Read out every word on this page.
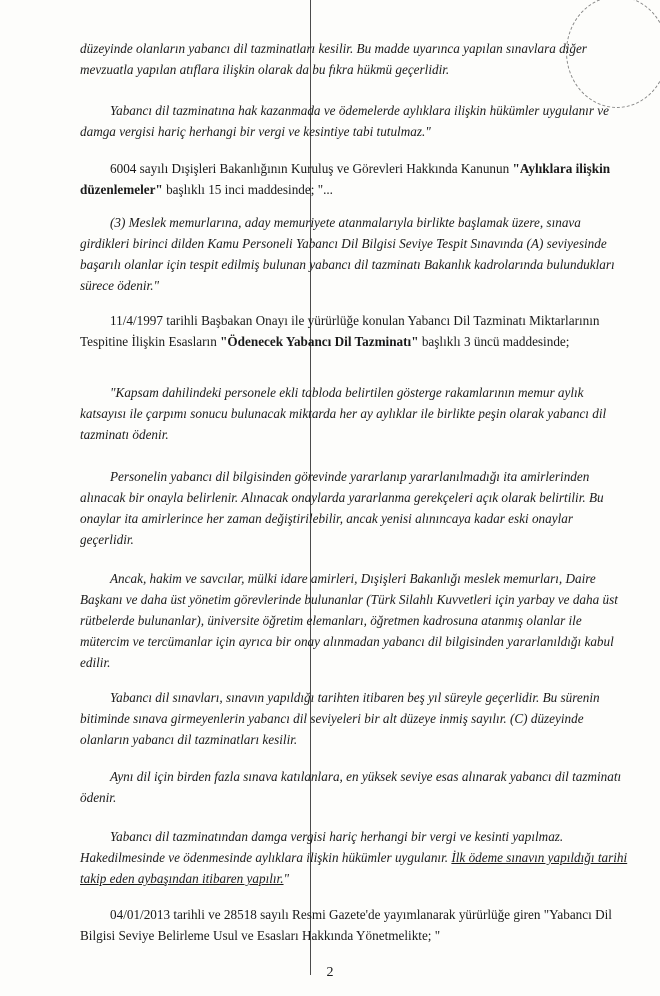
düzeyinde olanların yabancı dil tazminatları kesilir. Bu madde uyarınca yapılan sınavlara diğer mevzuatla yapılan atıflara ilişkin olarak da bu fıkra hükmü geçerlidir.

Yabancı dil tazminatına hak kazanmada ve ödemelerde aylıklara ilişkin hükümler uygulanır ve damga vergisi hariç herhangi bir vergi ve kesintiye tabi tutulmaz."

6004 sayılı Dışişleri Bakanlığının Kuruluş ve Görevleri Hakkında Kanunun "Aylıklara ilişkin düzenlemeler" başlıklı 15 inci maddesinde; "...

(3) Meslek memurlarına, aday memuriyete atanmalarıyla birlikte başlamak üzere, sınava girdikleri birinci dilden Kamu Personeli Yabancı Dil Bilgisi Seviye Tespit Sınavında (A) seviyesinde başarılı olanlar için tespit edilmiş bulunan yabancı dil tazminatı Bakanlık kadrolarında bulundukları sürece ödenir."

11/4/1997 tarihli Başbakan Onayı ile yürürlüğe konulan Yabancı Dil Tazminatı Miktarlarının Tespitine İlişkin Esasların "Ödenecek Yabancı Dil Tazminatı" başlıklı 3 üncü maddesinde;

"Kapsam dahilindeki personele ekli tabloda belirtilen gösterge rakamlarının memur aylık katsayısı ile çarpımı sonucu bulunacak miktarda her ay aylıklar ile birlikte peşin olarak yabancı dil tazminatı ödenir.

Personelin yabancı dil bilgisinden görevinde yararlanıp yararlanılmadığı ita amirlerinden alınacak bir onayla belirlenir. Alınacak onaylarda yararlanma gerekçeleri açık olarak belirtilir. Bu onaylar ita amirlerince her zaman değiştirilebilir, ancak yenisi alınıncaya kadar eski onaylar geçerlidir.

Ancak, hakim ve savcılar, mülki idare amirleri, Dışişleri Bakanlığı meslek memurları, Daire Başkanı ve daha üst yönetim görevlerinde bulunanlar (Türk Silahlı Kuvvetleri için yarbay ve daha üst rütbelerde bulunanlar), üniversite öğretim elemanları, öğretmen kadrosuna atanmış olanlar ile mütercim ve tercümanlar için ayrıca bir onay alınmadan yabancı dil bilgisinden yararlanıldığı kabul edilir.

Yabancı dil sınavları, sınavın yapıldığı tarihten itibaren beş yıl süreyle geçerlidir. Bu sürenin bitiminde sınava girmeyenlerin yabancı dil seviyeleri bir alt düzeye inmiş sayılır. (C) düzeyinde olanların yabancı dil tazminatları kesilir.

Aynı dil için birden fazla sınava katılanlara, en yüksek seviye esas alınarak yabancı dil tazminatı ödenir.

Yabancı dil tazminatından damga vergisi hariç herhangi bir vergi ve kesinti yapılmaz. Hakedilmesinde ve ödenmesinde aylıklara ilişkin hükümler uygulanır. İlk ödeme sınavın yapıldığı tarihi takip eden aybaşından itibaren yapılır."

04/01/2013 tarihli ve 28518 sayılı Resmi Gazete'de yayımlanarak yürürlüğe giren "Yabancı Dil Bilgisi Seviye Belirleme Usul ve Esasları Hakkında Yönetmelikte; "

2
